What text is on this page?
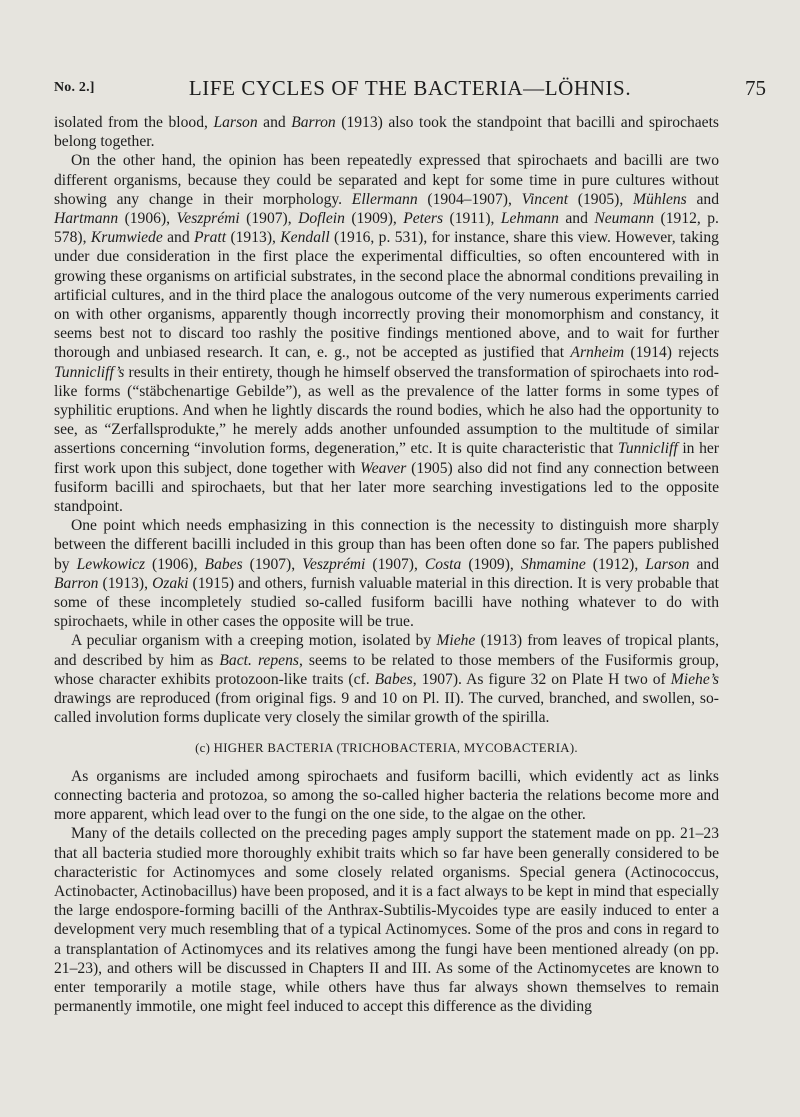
No. 2.]	LIFE CYCLES OF THE BACTERIA—LÖHNIS.	75

isolated from the blood, Larson and Barron (1913) also took the standpoint that bacilli and spirochaets belong together.

On the other hand, the opinion has been repeatedly expressed that spirochaets and bacilli are two different organisms, because they could be separated and kept for some time in pure cultures without showing any change in their morphology. Ellermann (1904–1907), Vincent (1905), Mühlens and Hartmann (1906), Veszprémi (1907), Doflein (1909), Peters (1911), Lehmann and Neumann (1912, p. 578), Krumwiede and Pratt (1913), Kendall (1916, p. 531), for instance, share this view. However, taking under due consideration in the first place the experimental difficulties, so often encountered with in growing these organisms on artificial substrates, in the second place the abnormal conditions prevailing in artificial cultures, and in the third place the analogous outcome of the very numerous experiments carried on with other organisms, apparently though incorrectly proving their monomorphism and constancy, it seems best not to discard too rashly the positive findings mentioned above, and to wait for further thorough and unbiased research. It can, e. g., not be accepted as justified that Arnheim (1914) rejects Tunnicliff’s results in their entirety, though he himself observed the transformation of spirochaets into rod-like forms (“stäbchenartige Gebilde”), as well as the prevalence of the latter forms in some types of syphilitic eruptions. And when he lightly discards the round bodies, which he also had the opportunity to see, as “Zerfallsprodukte,” he merely adds another unfounded assumption to the multitude of similar assertions concerning “involution forms, degeneration,” etc. It is quite characteristic that Tunnicliff in her first work upon this subject, done together with Weaver (1905) also did not find any connection between fusiform bacilli and spirochaets, but that her later more searching investigations led to the opposite standpoint.

One point which needs emphasizing in this connection is the necessity to distinguish more sharply between the different bacilli included in this group than has been often done so far. The papers published by Lewkowicz (1906), Babes (1907), Veszprémi (1907), Costa (1909), Shmamine (1912), Larson and Barron (1913), Ozaki (1915) and others, furnish valuable material in this direction. It is very probable that some of these incompletely studied so-called fusiform bacilli have nothing whatever to do with spirochaets, while in other cases the opposite will be true.

A peculiar organism with a creeping motion, isolated by Miehe (1913) from leaves of tropical plants, and described by him as Bact. repens, seems to be related to those members of the Fusiformis group, whose character exhibits protozoon-like traits (cf. Babes, 1907). As figure 32 on Plate H two of Miehe’s drawings are reproduced (from original figs. 9 and 10 on Pl. II). The curved, branched, and swollen, so-called involution forms duplicate very closely the similar growth of the spirilla.

(c) HIGHER BACTERIA (TRICHOBACTERIA, MYCOBACTERIA).

As organisms are included among spirochaets and fusiform bacilli, which evidently act as links connecting bacteria and protozoa, so among the so-called higher bacteria the relations become more and more apparent, which lead over to the fungi on the one side, to the algae on the other.

Many of the details collected on the preceding pages amply support the statement made on pp. 21–23 that all bacteria studied more thoroughly exhibit traits which so far have been generally considered to be characteristic for Actinomyces and some closely related organisms. Special genera (Actinococcus, Actinobacter, Actinobacillus) have been proposed, and it is a fact always to be kept in mind that especially the large endospore-forming bacilli of the Anthrax-Subtilis-Mycoides type are easily induced to enter a development very much resembling that of a typical Actinomyces. Some of the pros and cons in regard to a transplantation of Actinomyces and its relatives among the fungi have been mentioned already (on pp. 21–23), and others will be discussed in Chapters II and III. As some of the Actinomycetes are known to enter temporarily a motile stage, while others have thus far always shown themselves to remain permanently immotile, one might feel induced to accept this difference as the dividing
